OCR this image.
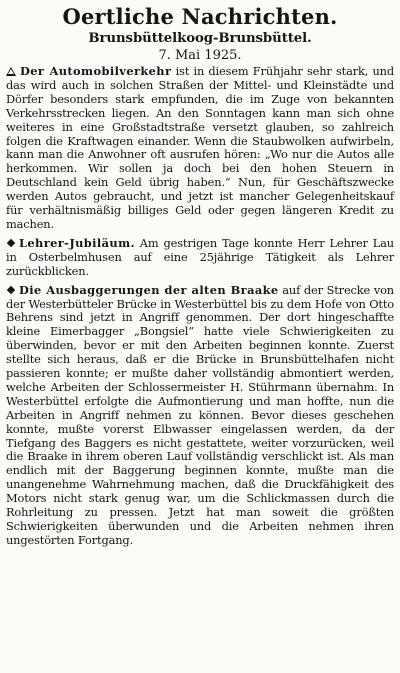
Oertliche Nachrichten.
Brunsbüttelkoog-Brunsbüttel.
7. Mai 1925.

Der Automobilverkehr ist in diesem Frühjahr sehr stark, und das wird auch in solchen Straßen der Mittel- und Kleinstädte und Dörfer besonders stark empfunden, die im Zuge von bekannten Verkehrsstrecken liegen. An den Sonntagen kann man sich ohne weiteres in eine Großstadtstraße versetzt glauben, so zahlreich folgen die Kraftwagen einander. Wenn die Staubwolken aufwirbeln, kann man die Anwohner oft ausrufen hören: „Wo nur die Autos alle herkommen. Wir sollen ja doch bei den hohen Steuern in Deutschland kein Geld übrig haben.“ Nun, für Geschäftszwecke werden Autos gebraucht, und jetzt ist mancher Gelegenheitskauf für verhältnismäßig billiges Geld oder gegen längeren Kredit zu machen.

Lehrer-Jubiläum. Am gestrigen Tage konnte Herr Lehrer Lau in Osterbelmhusen auf eine 25jährige Tätigkeit als Lehrer zurückblicken.

Die Ausbaggerungen der alten Braake auf der Strecke von der Westerbütteler Brücke in Westerbüttel bis zu dem Hofe von Otto Behrens sind jetzt in Angriff genommen. Der dort hingeschaffte kleine Eimerbagger „Bongsiel“ hatte viele Schwierigkeiten zu überwinden, bevor er mit den Arbeiten beginnen konnte. Zuerst stellte sich heraus, daß er die Brücke in Brunsbüttelhafen nicht passieren konnte; er mußte daher vollständig abmontiert werden, welche Arbeiten der Schlossermeister H. Stührmann übernahm. In Westerbüttel erfolgte die Aufmontierung und man hoffte, nun die Arbeiten in Angriff nehmen zu können. Bevor dieses geschehen konnte, mußte vorerst Elbwasser eingelassen werden, da der Tiefgang des Baggers es nicht gestattete, weiter vorzurücken, weil die Braake in ihrem oberen Lauf vollständig verschlickt ist. Als man endlich mit der Baggerung beginnen konnte, mußte man die unangenehme Wahrnehmung machen, daß die Druckfähigkeit des Motors nicht stark genug war, um die Schlickmassen durch die Rohrleitung zu pressen. Jetzt hat man soweit die größten Schwierigkeiten überwunden und die Arbeiten nehmen ihren ungestörten Fortgang.
